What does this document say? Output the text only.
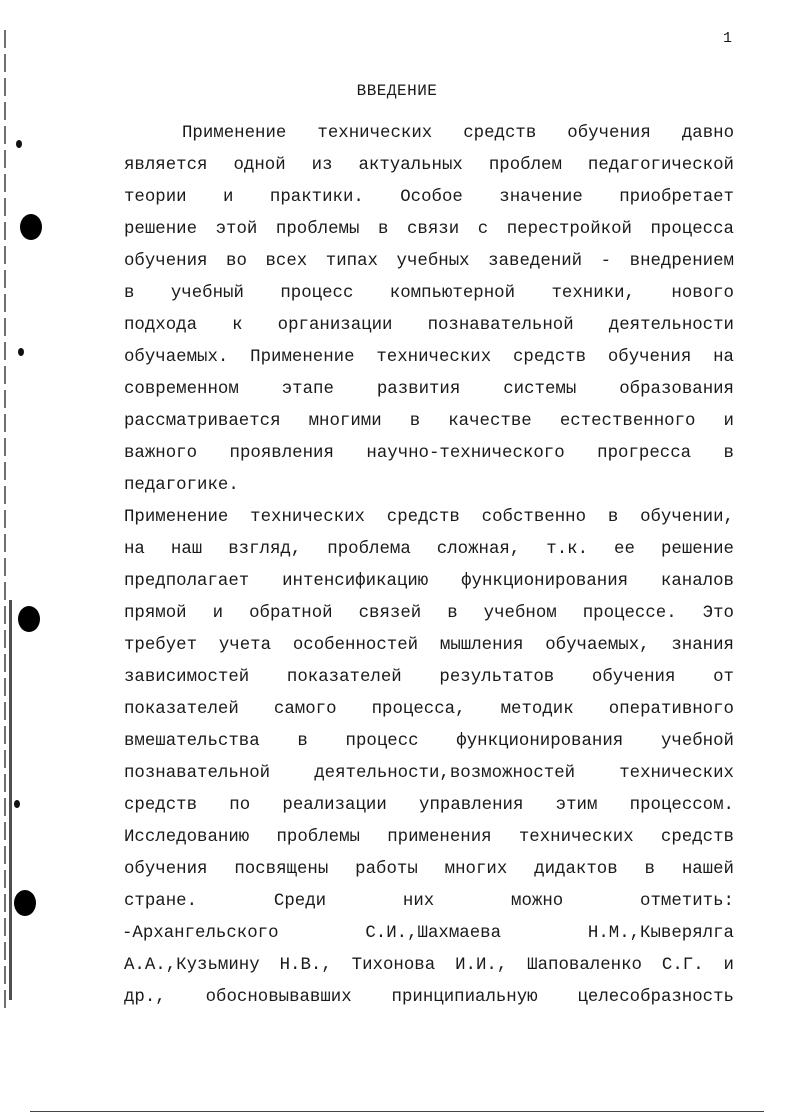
1
ВВЕДЕНИЕ
Применение технических средств обучения давно
является одной из актуальных проблем педагогической
теории и практики. Особое значение приобретает
решение этой проблемы в связи с перестройкой процесса
обучения во всех типах учебных заведений - внедрением
в учебный процесс компьютерной техники, нового
подхода к организации познавательной деятельности
обучаемых. Применение технических средств обучения на
современном этапе развития системы образования
рассматривается многими в качестве естественного и
важного проявления научно-технического прогресса в
педагогике.
Применение технических средств собственно в обучении,
на наш взгляд, проблема сложная, т.к. ее решение
предполагает интенсификацию функционирования каналов
прямой и обратной связей в учебном процессе. Это
требует учета особенностей мышления обучаемых, знания
зависимостей показателей результатов обучения от
показателей самого процесса, методик оперативного
вмешательства в процесс функционирования учебной
познавательной деятельности,возможностей технических
средств по реализации управления этим процессом.
Исследованию проблемы применения технических средств
обучения посвящены работы многих дидактов в нашей
стране. Среди них можно отметить:
-Архангельского С.И.,Шахмаева Н.М.,Кыверялга
А.А.,Кузьмину Н.В., Тихонова И.И., Шаповаленко С.Г. и
др., обосновывавших принципиальную целесобразность
